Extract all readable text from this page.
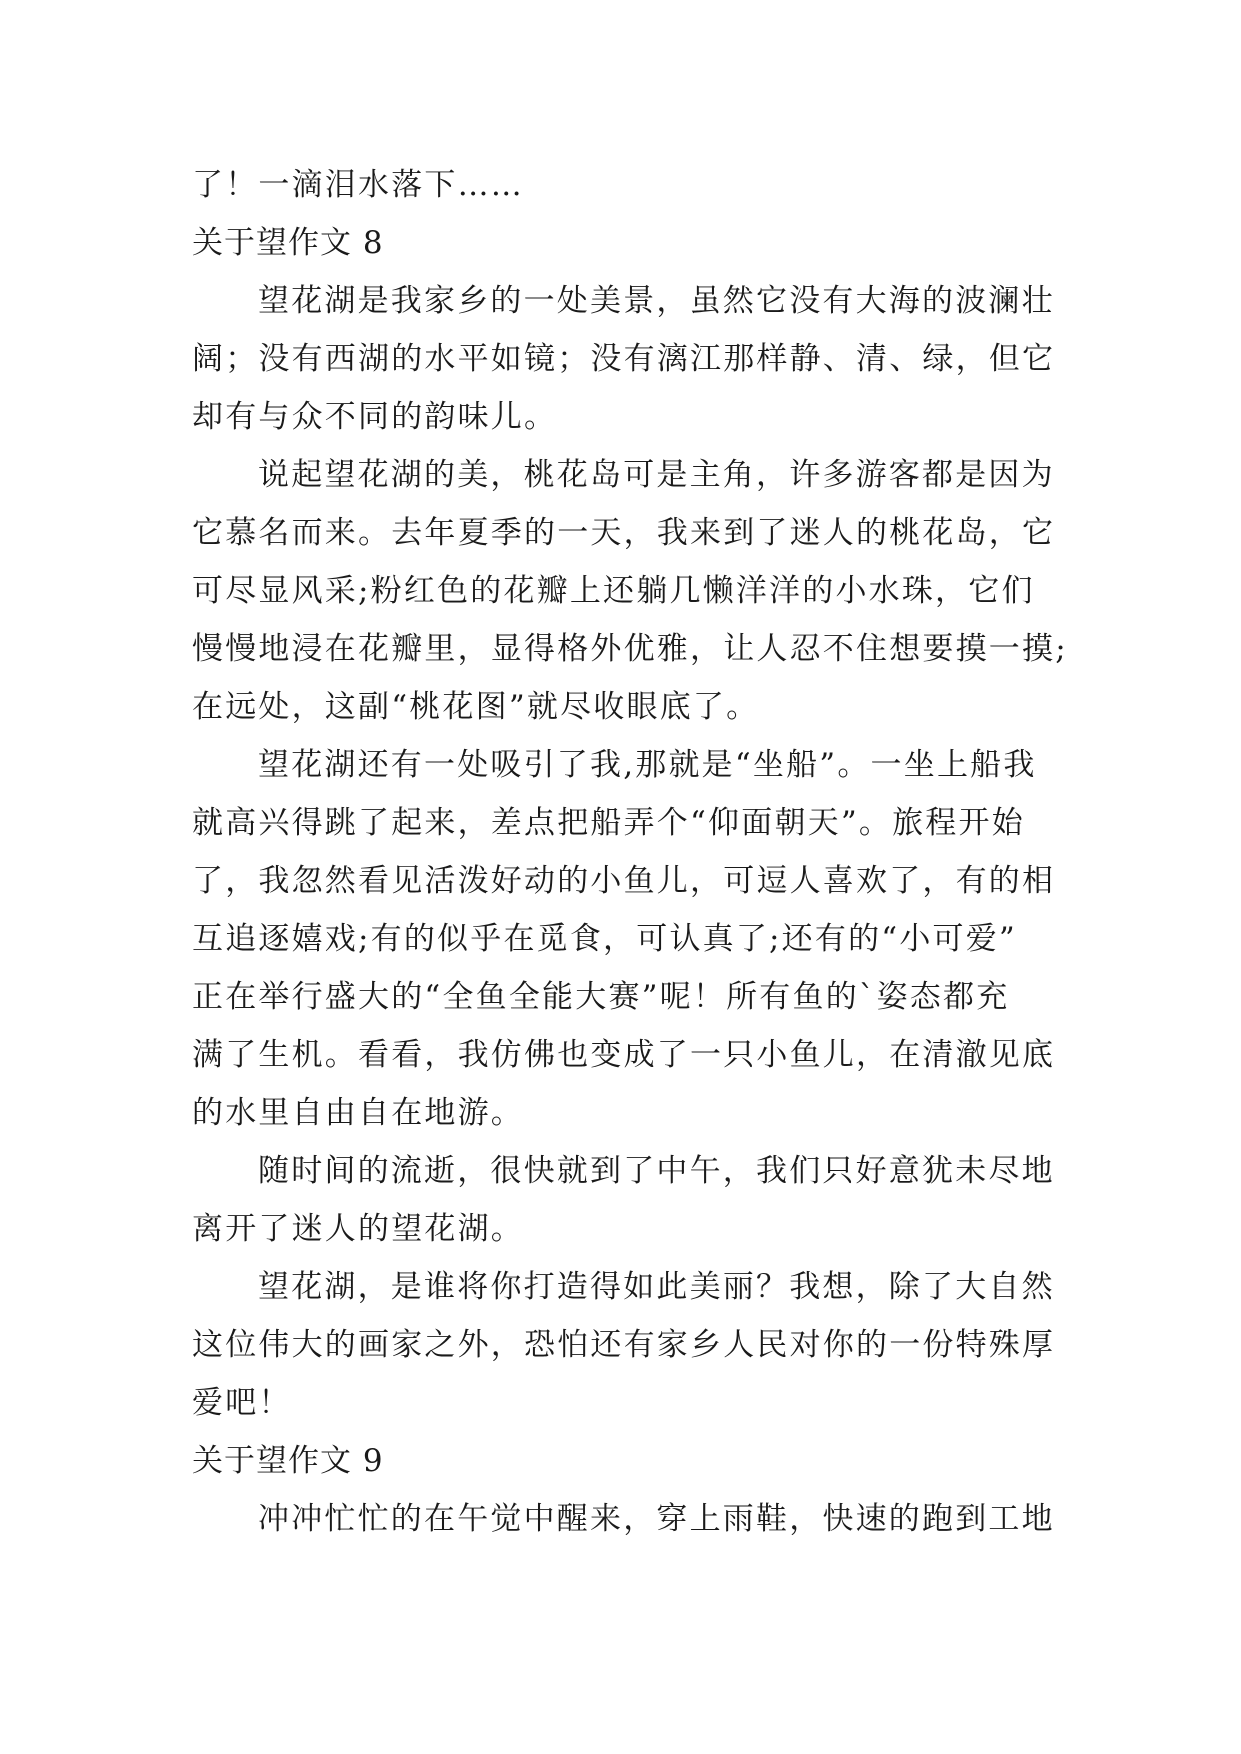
了！一滴泪水落下……
关于望作文 8
望花湖是我家乡的一处美景，虽然它没有大海的波澜壮
阔；没有西湖的水平如镜；没有漓江那样静、清、绿，但它
却有与众不同的韵味儿。
说起望花湖的美，桃花岛可是主角，许多游客都是因为
它慕名而来。去年夏季的一天，我来到了迷人的桃花岛，它
可尽显风采;粉红色的花瓣上还躺几懒洋洋的小水珠，它们
慢慢地浸在花瓣里，显得格外优雅，让人忍不住想要摸一摸;
在远处，这副“桃花图”就尽收眼底了。
望花湖还有一处吸引了我,那就是“坐船”。一坐上船我
就高兴得跳了起来，差点把船弄个“仰面朝天”。旅程开始
了，我忽然看见活泼好动的小鱼儿，可逗人喜欢了，有的相
互追逐嬉戏;有的似乎在觅食，可认真了;还有的“小可爱”
正在举行盛大的“全鱼全能大赛”呢！所有鱼的`姿态都充
满了生机。看看，我仿佛也变成了一只小鱼儿，在清澈见底
的水里自由自在地游。
随时间的流逝，很快就到了中午，我们只好意犹未尽地
离开了迷人的望花湖。
望花湖，是谁将你打造得如此美丽？我想，除了大自然
这位伟大的画家之外，恐怕还有家乡人民对你的一份特殊厚
爱吧！
关于望作文 9
冲冲忙忙的在午觉中醒来，穿上雨鞋，快速的跑到工地
